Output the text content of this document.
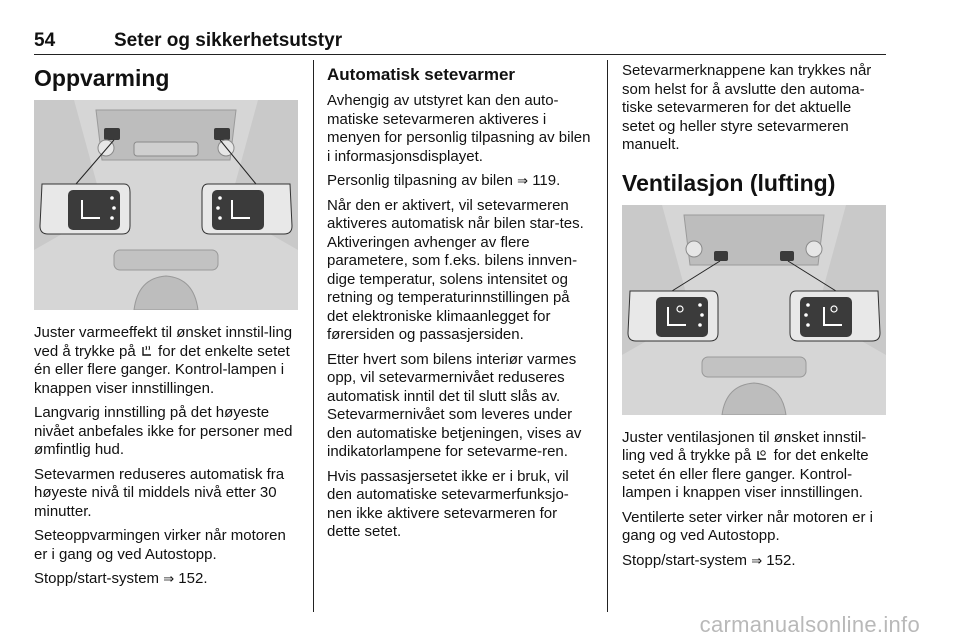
54	Seter og sikkerhetsutstyr
Oppvarming

Juster varmeeffekt til ønsket innstil-ling ved å trykke på  for det enkelte setet én eller flere ganger. Kontrol-lampen i knappen viser innstillingen.

Langvarig innstilling på det høyeste nivået anbefales ikke for personer med ømfintlig hud.

Setevarmen reduseres automatisk fra høyeste nivå til middels nivå etter 30 minutter.

Seteoppvarmingen virker når motoren er i gang og ved Autostopp.

Stopp/start-system ⇒ 152.

Automatisk setevarmer

Avhengig av utstyret kan den auto-matiske setevarmeren aktiveres i menyen for personlig tilpasning av bilen i informasjonsdisplayet.

Personlig tilpasning av bilen ⇒ 119.

Når den er aktivert, vil setevarmeren aktiveres automatisk når bilen star-tes. Aktiveringen avhenger av flere parametere, som f.eks. bilens innven-dige temperatur, solens intensitet og retning og temperaturinnstillingen på det elektroniske klimaanlegget for førersiden og passasjersiden.

Etter hvert som bilens interiør varmes opp, vil setevarmernivået reduseres automatisk inntil det til slutt slås av. Setevarmernivået som leveres under den automatiske betjeningen, vises av indikatorlampene for setevarme-ren.

Hvis passasjersetet ikke er i bruk, vil den automatiske setevarmerfunksjo-nen ikke aktivere setevarmeren for dette setet.

Setevarmerknappene kan trykkes når som helst for å avslutte den automa-tiske setevarmeren for det aktuelle setet og heller styre setevarmeren manuelt.

Ventilasjon (lufting)

Juster ventilasjonen til ønsket innstil-ling ved å trykke på  for det enkelte setet én eller flere ganger. Kontrol-lampen i knappen viser innstillingen.

Ventilerte seter virker når motoren er i gang og ved Autostopp.

Stopp/start-system ⇒ 152.

carmanualsonline.info
